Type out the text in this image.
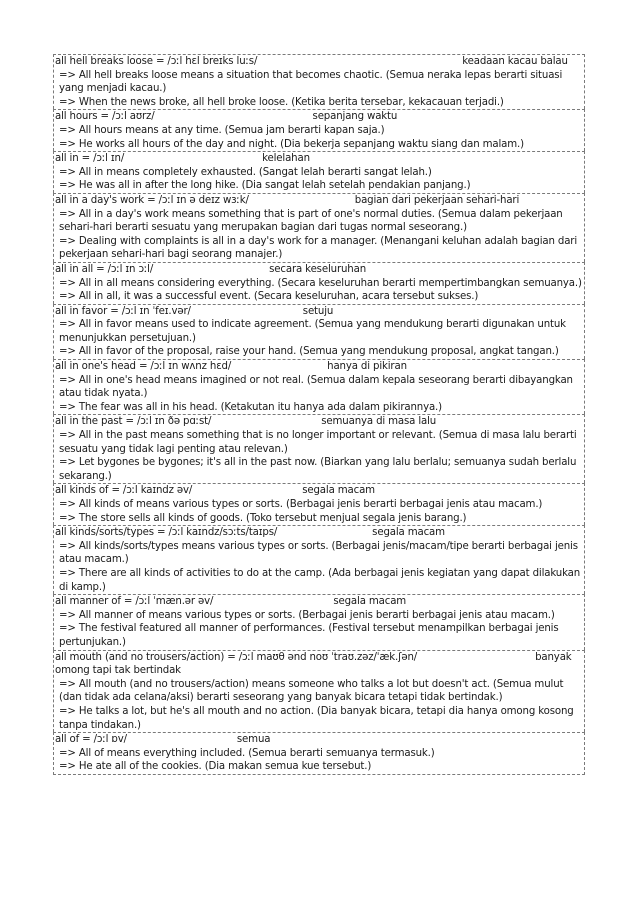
all hell breaks loose = /ɔːl hɛl breɪks luːs/	keadaan kacau balau
=> All hell breaks loose means a situation that becomes chaotic. (Semua neraka lepas berarti situasi yang menjadi kacau.)
=> When the news broke, all hell broke loose. (Ketika berita tersebar, kekacauan terjadi.)
all hours = /ɔːl aʊrz/	sepanjang waktu
=> All hours means at any time. (Semua jam berarti kapan saja.)
=> He works all hours of the day and night. (Dia bekerja sepanjang waktu siang dan malam.)
all in = /ɔːl ɪn/	kelelahan
=> All in means completely exhausted. (Sangat lelah berarti sangat lelah.)
=> He was all in after the long hike. (Dia sangat lelah setelah pendakian panjang.)
all in a day's work = /ɔːl ɪn ə deɪz wɜːk/	bagian dari pekerjaan sehari-hari
=> All in a day's work means something that is part of one's normal duties. (Semua dalam pekerjaan sehari-hari berarti sesuatu yang merupakan bagian dari tugas normal seseorang.)
=> Dealing with complaints is all in a day's work for a manager. (Menangani keluhan adalah bagian dari pekerjaan sehari-hari bagi seorang manajer.)
all in all = /ɔːl ɪn ɔːl/	secara keseluruhan
=> All in all means considering everything. (Secara keseluruhan berarti mempertimbangkan semuanya.)
=> All in all, it was a successful event. (Secara keseluruhan, acara tersebut sukses.)
all in favor = /ɔːl ɪn ˈfeɪ.vər/	setuju
=> All in favor means used to indicate agreement. (Semua yang mendukung berarti digunakan untuk menunjukkan persetujuan.)
=> All in favor of the proposal, raise your hand. (Semua yang mendukung proposal, angkat tangan.)
all in one's head = /ɔːl ɪn wʌnz hɛd/	hanya di pikiran
=> All in one's head means imagined or not real. (Semua dalam kepala seseorang berarti dibayangkan atau tidak nyata.)
=> The fear was all in his head. (Ketakutan itu hanya ada dalam pikirannya.)
all in the past = /ɔːl ɪn ðə pɑːst/	semuanya di masa lalu
=> All in the past means something that is no longer important or relevant. (Semua di masa lalu berarti sesuatu yang tidak lagi penting atau relevan.)
=> Let bygones be bygones; it's all in the past now. (Biarkan yang lalu berlalu; semuanya sudah berlalu sekarang.)
all kinds of = /ɔːl kaɪndz əv/	segala macam
=> All kinds of means various types or sorts. (Berbagai jenis berarti berbagai jenis atau macam.)
=> The store sells all kinds of goods. (Toko tersebut menjual segala jenis barang.)
all kinds/sorts/types = /ɔːl kaɪndz/sɔːts/taɪps/	segala macam
=> All kinds/sorts/types means various types or sorts. (Berbagai jenis/macam/tipe berarti berbagai jenis atau macam.)
=> There are all kinds of activities to do at the camp. (Ada berbagai jenis kegiatan yang dapat dilakukan di kamp.)
all manner of = /ɔːl ˈmæn.ər əv/	segala macam
=> All manner of means various types or sorts. (Berbagai jenis berarti berbagai jenis atau macam.)
=> The festival featured all manner of performances. (Festival tersebut menampilkan berbagai jenis pertunjukan.)
all mouth (and no trousers/action) = /ɔːl maʊθ ənd noʊ ˈtraʊ.zəz/ˈæk.ʃən/	banyak omong tapi tak bertindak
=> All mouth (and no trousers/action) means someone who talks a lot but doesn't act. (Semua mulut (dan tidak ada celana/aksi) berarti seseorang yang banyak bicara tetapi tidak bertindak.)
=> He talks a lot, but he's all mouth and no action. (Dia banyak bicara, tetapi dia hanya omong kosong tanpa tindakan.)
all of = /ɔːl ɒv/	semua
=> All of means everything included. (Semua berarti semuanya termasuk.)
=> He ate all of the cookies. (Dia makan semua kue tersebut.)
